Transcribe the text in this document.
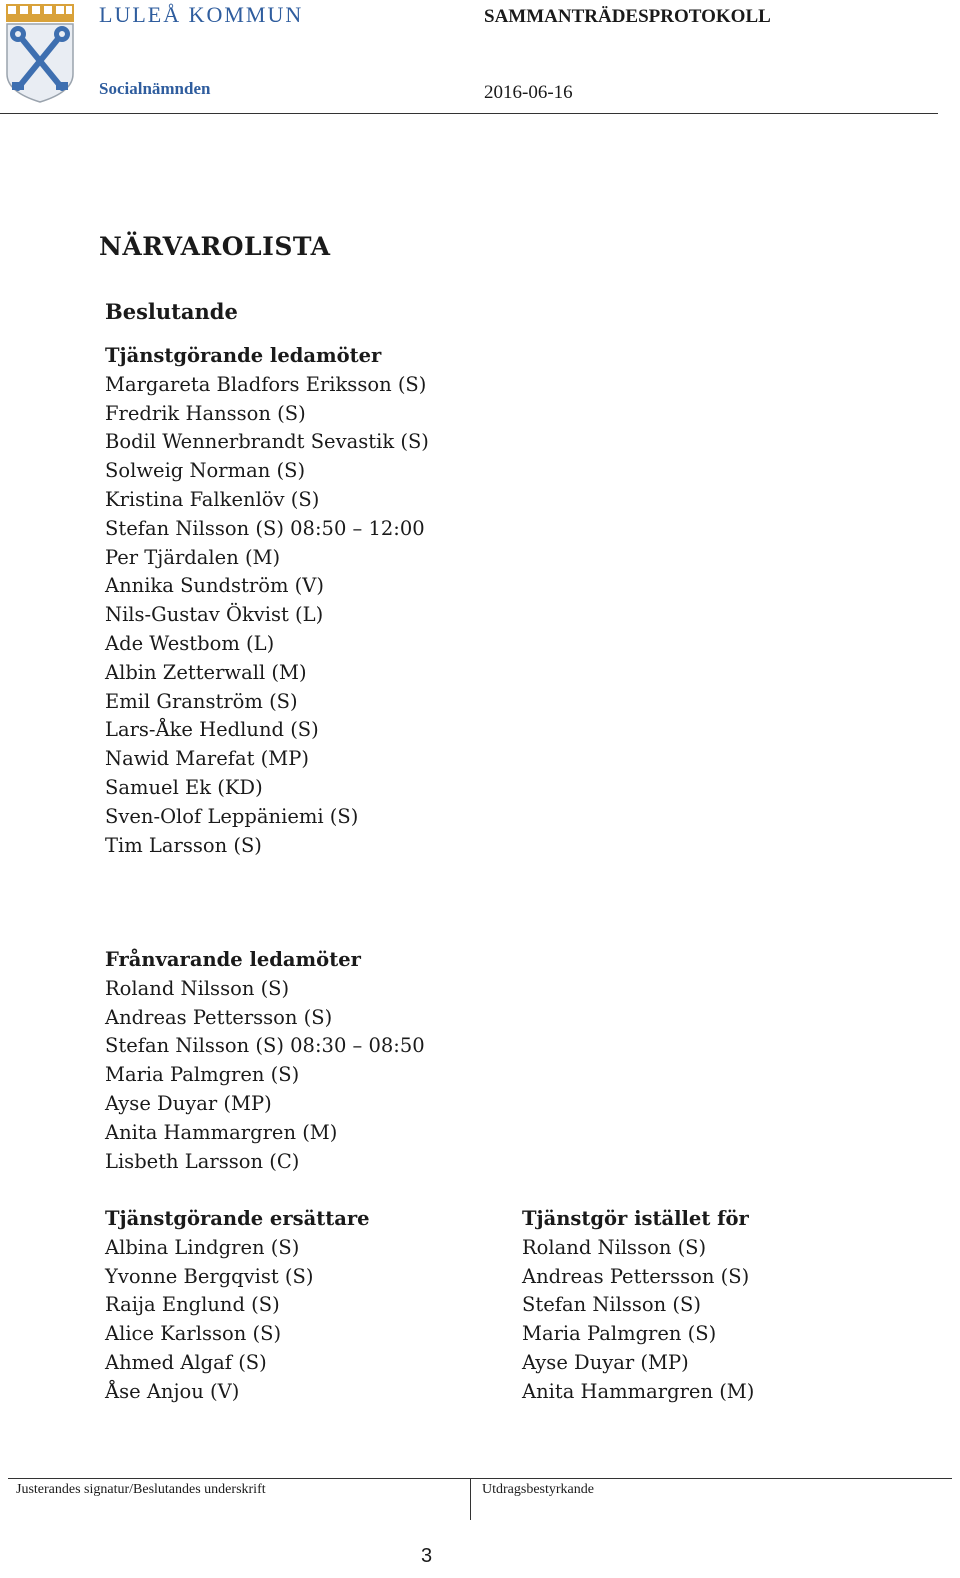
LULEÅ KOMMUN
Socialnämnden
SAMMANTRÄDESPROTOKOLL
2016-06-16
NÄRVAROLISTA
Beslutande
Tjänstgörande ledamöter
Margareta Bladfors Eriksson (S)
Fredrik Hansson (S)
Bodil Wennerbrandt Sevastik (S)
Solweig Norman (S)
Kristina Falkenlöv (S)
Stefan Nilsson (S) 08:50 – 12:00
Per Tjärdalen (M)
Annika Sundström (V)
Nils-Gustav Ökvist (L)
Ade Westbom (L)
Albin Zetterwall (M)
Emil Granström (S)
Lars-Åke Hedlund (S)
Nawid Marefat (MP)
Samuel Ek (KD)
Sven-Olof Leppäniemi (S)
Tim Larsson (S)
Frånvarande ledamöter
Roland Nilsson (S)
Andreas Pettersson (S)
Stefan Nilsson (S) 08:30 – 08:50
Maria Palmgren (S)
Ayse Duyar (MP)
Anita Hammargren (M)
Lisbeth Larsson (C)
Tjänstgörande ersättare
Albina Lindgren (S)
Yvonne Bergqvist (S)
Raija Englund (S)
Alice Karlsson (S)
Ahmed Algaf (S)
Åse Anjou (V)
Tjänstgör istället för
Roland Nilsson (S)
Andreas Pettersson (S)
Stefan Nilsson (S)
Maria Palmgren (S)
Ayse Duyar (MP)
Anita Hammargren (M)
Justerandes signatur/Beslutandes underskrift	Utdragsbestyrkande
3
